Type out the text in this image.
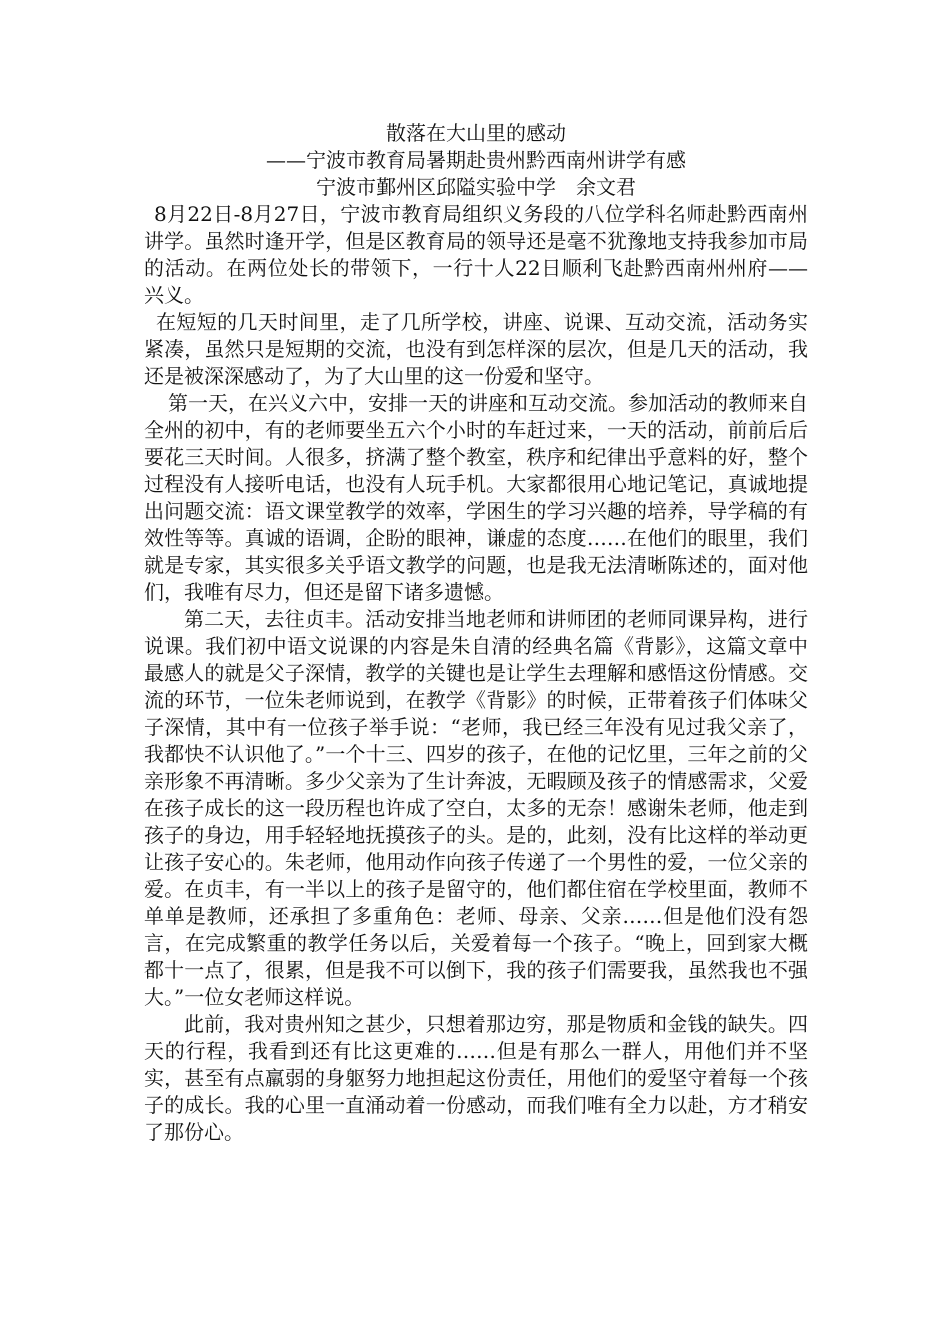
散落在大山里的感动
——宁波市教育局暑期赴贵州黔西南州讲学有感
宁波市鄞州区邱隘实验中学　余文君

8月22日-8月27日，宁波市教育局组织义务段的八位学科名师赴黔西南州讲学。虽然时逢开学，但是区教育局的领导还是毫不犹豫地支持我参加市局的活动。在两位处长的带领下，一行十人22日顺利飞赴黔西南州州府——兴义。

在短短的几天时间里，走了几所学校，讲座、说课、互动交流，活动务实紧凑，虽然只是短期的交流，也没有到怎样深的层次，但是几天的活动，我还是被深深感动了，为了大山里的这一份爱和坚守。

第一天，在兴义六中，安排一天的讲座和互动交流。参加活动的教师来自全州的初中，有的老师要坐五六个小时的车赶过来，一天的活动，前前后后要花三天时间。人很多，挤满了整个教室，秩序和纪律出乎意料的好，整个过程没有人接听电话，也没有人玩手机。大家都很用心地记笔记，真诚地提出问题交流：语文课堂教学的效率，学困生的学习兴趣的培养，导学稿的有效性等等。真诚的语调，企盼的眼神，谦虚的态度……在他们的眼里，我们就是专家，其实很多关乎语文教学的问题，也是我无法清晰陈述的，面对他们，我唯有尽力，但还是留下诸多遗憾。

第二天，去往贞丰。活动安排当地老师和讲师团的老师同课异构，进行说课。我们初中语文说课的内容是朱自清的经典名篇《背影》，这篇文章中最感人的就是父子深情，教学的关键也是让学生去理解和感悟这份情感。交流的环节，一位朱老师说到，在教学《背影》的时候，正带着孩子们体味父子深情，其中有一位孩子举手说：“老师，我已经三年没有见过我父亲了，我都快不认识他了。”一个十三、四岁的孩子，在他的记忆里，三年之前的父亲形象不再清晰。多少父亲为了生计奔波，无暇顾及孩子的情感需求，父爱在孩子成长的这一段历程也许成了空白，太多的无奈！感谢朱老师，他走到孩子的身边，用手轻轻地抚摸孩子的头。是的，此刻，没有比这样的举动更让孩子安心的。朱老师，他用动作向孩子传递了一个男性的爱，一位父亲的爱。在贞丰，有一半以上的孩子是留守的，他们都住宿在学校里面，教师不单单是教师，还承担了多重角色：老师、母亲、父亲……但是他们没有怨言，在完成繁重的教学任务以后，关爱着每一个孩子。“晚上，回到家大概都十一点了，很累，但是我不可以倒下，我的孩子们需要我，虽然我也不强大。”一位女老师这样说。

此前，我对贵州知之甚少，只想着那边穷，那是物质和金钱的缺失。四天的行程，我看到还有比这更难的……但是有那么一群人，用他们并不坚实，甚至有点羸弱的身躯努力地担起这份责任，用他们的爱坚守着每一个孩子的成长。我的心里一直涌动着一份感动，而我们唯有全力以赴，方才稍安了那份心。
